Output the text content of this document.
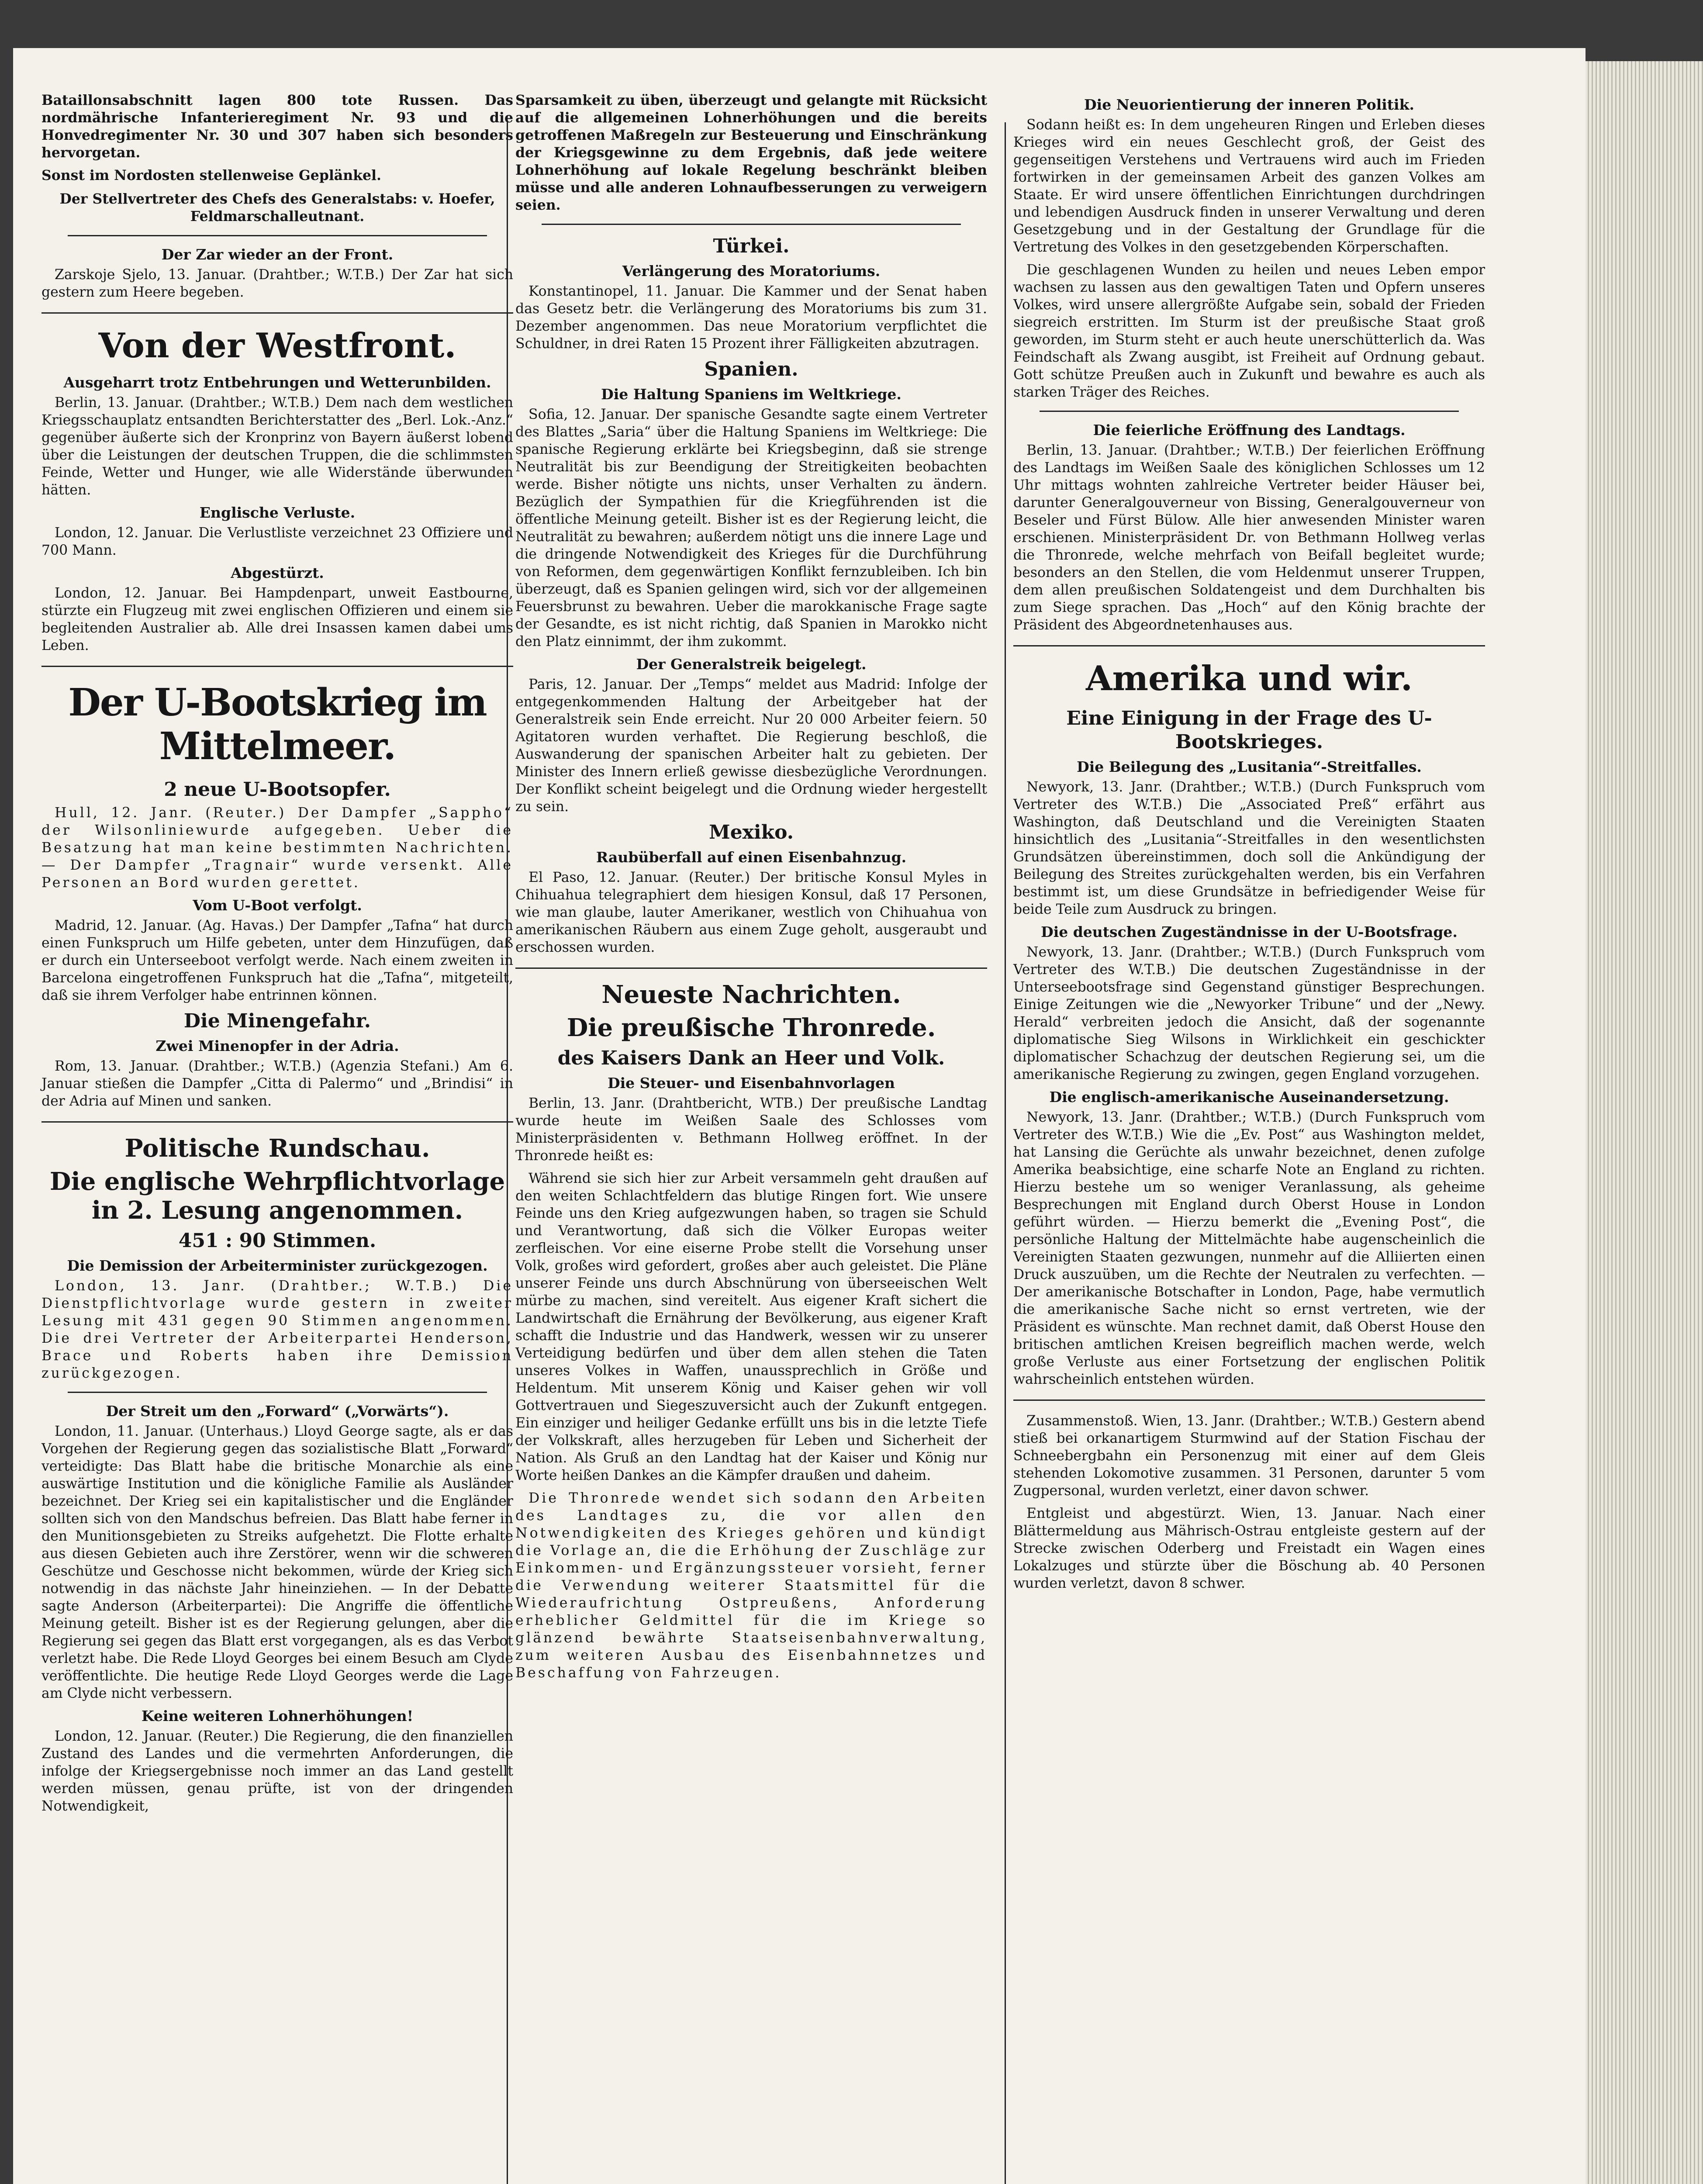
Bataillonsabschnitt lagen 800 tote Russen. Das nordmährische Infanterieregiment Nr. 93 und die Honvedregimenter Nr. 30 und 307 haben sich besonders hervorgetan.

Sonst im Nordosten stellenweise Geplänkel.

Der Stellvertreter des Chefs des Generalstabs: v. Hoefer, Feldmarschalleutnant.

Der Zar wieder an der Front.

Zarskoje Sjelo, 13. Januar. (Drahtber.; W.T.B.) Der Zar hat sich gestern zum Heere begeben.

Von der Westfront.
Ausgeharrt trotz Entbehrungen und Wetterunbilden.

Berlin, 13. Januar. (Drahtber.; W.T.B.) Dem nach dem westlichen Kriegsschauplatz entsandten Berichterstatter des „Berl. Lok.-Anz.“ gegenüber äußerte sich der Kronprinz von Bayern äußerst lobend über die Leistungen der deutschen Truppen, die die schlimmsten Feinde, Wetter und Hunger, wie alle Widerstände überwunden hätten.

Englische Verluste.

London, 12. Januar. Die Verlustliste verzeichnet 23 Offiziere und 700 Mann.

Abgestürzt.

London, 12. Januar. Bei Hampdenpart, unweit Eastbourne, stürzte ein Flugzeug mit zwei englischen Offizieren und einem sie begleitenden Australier ab. Alle drei Insassen kamen dabei ums Leben.

Der U-Bootskrieg im Mittelmeer.
2 neue U-Bootsopfer.

Hull, 12. Janr. (Reuter.) Der Dampfer „Sappho“ der Wilsonliniewurde aufgegeben. Ueber die Besatzung hat man keine bestimmten Nachrichten. — Der Dampfer „Tragnair“ wurde versenkt. Alle Personen an Bord wurden gerettet.

Vom U-Boot verfolgt.

Madrid, 12. Januar. (Ag. Havas.) Der Dampfer „Tafna“ hat durch einen Funkspruch um Hilfe gebeten, unter dem Hinzufügen, daß er durch ein Unterseeboot verfolgt werde. Nach einem zweiten in Barcelona eingetroffenen Funkspruch hat die „Tafna“, mitgeteilt, daß sie ihrem Verfolger habe entrinnen können.

Die Minengefahr.
Zwei Minenopfer in der Adria.

Rom, 13. Januar. (Drahtber.; W.T.B.) (Agenzia Stefani.) Am 6. Januar stießen die Dampfer „Citta di Palermo“ und „Brindisi“ in der Adria auf Minen und sanken.

Politische Rundschau.
Die englische Wehrpflichtvorlage in 2. Lesung angenommen.
451 : 90 Stimmen.
Die Demission der Arbeiterminister zurückgezogen.

London, 13. Janr. (Drahtber.; W.T.B.) Die Dienstpflichtvorlage wurde gestern in zweiter Lesung mit 431 gegen 90 Stimmen angenommen. Die drei Vertreter der Arbeiterpartei Henderson, Brace und Roberts haben ihre Demission zurückgezogen.

Der Streit um den „Forward“ („Vorwärts“).

London, 11. Januar. (Unterhaus.) Lloyd George sagte, als er das Vorgehen der Regierung gegen das sozialistische Blatt „Forward“ verteidigte: Das Blatt habe die britische Monarchie als eine auswärtige Institution und die königliche Familie als Ausländer bezeichnet. Der Krieg sei ein kapitalistischer und die Engländer sollten sich von den Mandschus befreien. Das Blatt habe ferner in den Munitionsgebieten zu Streiks aufgehetzt. Die Flotte erhalte aus diesen Gebieten auch ihre Zerstörer, wenn wir die schweren Geschütze und Geschosse nicht bekommen, würde der Krieg sich notwendig in das nächste Jahr hineinziehen. — In der Debatte sagte Anderson (Arbeiterpartei): Die Angriffe die öffentliche Meinung geteilt. Bisher ist es der Regierung gelungen, aber die Regierung sei gegen das Blatt erst vorgegangen, als es das Verbot verletzt habe. Die Rede Lloyd Georges bei einem Besuch am Clyde veröffentlichte. Die heutige Rede Lloyd Georges werde die Lage am Clyde nicht verbessern.

Keine weiteren Lohnerhöhungen!

London, 12. Januar. (Reuter.) Die Regierung, die den finanziellen Zustand des Landes und die vermehrten Anforderungen, die infolge der Kriegsergebnisse noch immer an das Land gestellt werden müssen, genau prüfte, ist von der dringenden Notwendigkeit,

Sparsamkeit zu üben, überzeugt und gelangte mit Rücksicht auf die allgemeinen Lohnerhöhungen und die bereits getroffenen Maßregeln zur Besteuerung und Einschränkung der Kriegsgewinne zu dem Ergebnis, daß jede weitere Lohnerhöhung auf lokale Regelung beschränkt bleiben müsse und alle anderen Lohnaufbesserungen zu verweigern seien.

Türkei.
Verlängerung des Moratoriums.

Konstantinopel, 11. Januar. Die Kammer und der Senat haben das Gesetz betr. die Verlängerung des Moratoriums bis zum 31. Dezember angenommen. Das neue Moratorium verpflichtet die Schuldner, in drei Raten 15 Prozent ihrer Fälligkeiten abzutragen.

Spanien.
Die Haltung Spaniens im Weltkriege.

Sofia, 12. Januar. Der spanische Gesandte sagte einem Vertreter des Blattes „Saria“ über die Haltung Spaniens im Weltkriege: Die spanische Regierung erklärte bei Kriegsbeginn, daß sie strenge Neutralität bis zur Beendigung der Streitigkeiten beobachten werde. Bisher nötigte uns nichts, unser Verhalten zu ändern. Bezüglich der Sympathien für die Kriegführenden ist die öffentliche Meinung geteilt. Bisher ist es der Regierung leicht, die Neutralität zu bewahren; außerdem nötigt uns die innere Lage und die dringende Notwendigkeit des Krieges für die Durchführung von Reformen, dem gegenwärtigen Konflikt fernzubleiben. Ich bin überzeugt, daß es Spanien gelingen wird, sich vor der allgemeinen Feuersbrunst zu bewahren. Ueber die marokkanische Frage sagte der Gesandte, es ist nicht richtig, daß Spanien in Marokko nicht den Platz einnimmt, der ihm zukommt.

Der Generalstreik beigelegt.

Paris, 12. Januar. Der „Temps“ meldet aus Madrid: Infolge der entgegenkommenden Haltung der Arbeitgeber hat der Generalstreik sein Ende erreicht. Nur 20 000 Arbeiter feiern. 50 Agitatoren wurden verhaftet. Die Regierung beschloß, die Auswanderung der spanischen Arbeiter halt zu gebieten. Der Minister des Innern erließ gewisse diesbezügliche Verordnungen. Der Konflikt scheint beigelegt und die Ordnung wieder hergestellt zu sein.

Mexiko.
Raubüberfall auf einen Eisenbahnzug.

El Paso, 12. Januar. (Reuter.) Der britische Konsul Myles in Chihuahua telegraphiert dem hiesigen Konsul, daß 17 Personen, wie man glaube, lauter Amerikaner, westlich von Chihuahua von amerikanischen Räubern aus einem Zuge geholt, ausgeraubt und erschossen wurden.

Neueste Nachrichten.
Die preußische Thronrede.
des Kaisers Dank an Heer und Volk.
Die Steuer- und Eisenbahnvorlagen

Berlin, 13. Janr. (Drahtbericht, WTB.) Der preußische Landtag wurde heute im Weißen Saale des Schlosses vom Ministerpräsidenten v. Bethmann Hollweg eröffnet. In der Thronrede heißt es:

Während sie sich hier zur Arbeit versammeln geht draußen auf den weiten Schlachtfeldern das blutige Ringen fort. Wie unsere Feinde uns den Krieg aufgezwungen haben, so tragen sie Schuld und Verantwortung, daß sich die Völker Europas weiter zerfleischen. Vor eine eiserne Probe stellt die Vorsehung unser Volk, großes wird gefordert, großes aber auch geleistet. Die Pläne unserer Feinde uns durch Abschnürung von überseeischen Welt mürbe zu machen, sind vereitelt. Aus eigener Kraft sichert die Landwirtschaft die Ernährung der Bevölkerung, aus eigener Kraft schafft die Industrie und das Handwerk, wessen wir zu unserer Verteidigung bedürfen und über dem allen stehen die Taten unseres Volkes in Waffen, unaussprechlich in Größe und Heldentum. Mit unserem König und Kaiser gehen wir voll Gottvertrauen und Siegeszuversicht auch der Zukunft entgegen. Ein einziger und heiliger Gedanke erfüllt uns bis in die letzte Tiefe der Volkskraft, alles herzugeben für Leben und Sicherheit der Nation. Als Gruß an den Landtag hat der Kaiser und König nur Worte heißen Dankes an die Kämpfer draußen und daheim.

Die Thronrede wendet sich sodann den Arbeiten des Landtages zu, die vor allen den Notwendigkeiten des Krieges gehören und kündigt die Vorlage an, die die Erhöhung der Zuschläge zur Einkommen- und Ergänzungssteuer vorsieht, ferner die Verwendung weiterer Staatsmittel für die Wiederaufrichtung Ostpreußens, Anforderung erheblicher Geldmittel für die im Kriege so glänzend bewährte Staatseisenbahnverwaltung, zum weiteren Ausbau des Eisenbahnnetzes und Beschaffung von Fahrzeugen.

Die Neuorientierung der inneren Politik.

Sodann heißt es: In dem ungeheuren Ringen und Erleben dieses Krieges wird ein neues Geschlecht groß, der Geist des gegenseitigen Verstehens und Vertrauens wird auch im Frieden fortwirken in der gemeinsamen Arbeit des ganzen Volkes am Staate. Er wird unsere öffentlichen Einrichtungen durchdringen und lebendigen Ausdruck finden in unserer Verwaltung und deren Gesetzgebung und in der Gestaltung der Grundlage für die Vertretung des Volkes in den gesetzgebenden Körperschaften.

Die geschlagenen Wunden zu heilen und neues Leben empor wachsen zu lassen aus den gewaltigen Taten und Opfern unseres Volkes, wird unsere allergrößte Aufgabe sein, sobald der Frieden siegreich erstritten. Im Sturm ist der preußische Staat groß geworden, im Sturm steht er auch heute unerschütterlich da. Was Feindschaft als Zwang ausgibt, ist Freiheit auf Ordnung gebaut. Gott schütze Preußen auch in Zukunft und bewahre es auch als starken Träger des Reiches.

Die feierliche Eröffnung des Landtags.

Berlin, 13. Januar. (Drahtber.; W.T.B.) Der feierlichen Eröffnung des Landtags im Weißen Saale des königlichen Schlosses um 12 Uhr mittags wohnten zahlreiche Vertreter beider Häuser bei, darunter Generalgouverneur von Bissing, Generalgouverneur von Beseler und Fürst Bülow. Alle hier anwesenden Minister waren erschienen. Ministerpräsident Dr. von Bethmann Hollweg verlas die Thronrede, welche mehrfach von Beifall begleitet wurde; besonders an den Stellen, die vom Heldenmut unserer Truppen, dem allen preußischen Soldatengeist und dem Durchhalten bis zum Siege sprachen. Das „Hoch“ auf den König brachte der Präsident des Abgeordnetenhauses aus.

Amerika und wir.
Eine Einigung in der Frage des U-Bootskrieges.
Die Beilegung des „Lusitania“-Streitfalles.

Newyork, 13. Janr. (Drahtber.; W.T.B.) (Durch Funkspruch vom Vertreter des W.T.B.) Die „Associated Preß“ erfährt aus Washington, daß Deutschland und die Vereinigten Staaten hinsichtlich des „Lusitania“-Streitfalles in den wesentlichsten Grundsätzen übereinstimmen, doch soll die Ankündigung der Beilegung des Streites zurückgehalten werden, bis ein Verfahren bestimmt ist, um diese Grundsätze in befriedigender Weise für beide Teile zum Ausdruck zu bringen.

Die deutschen Zugeständnisse in der U-Bootsfrage.

Newyork, 13. Janr. (Drahtber.; W.T.B.) (Durch Funkspruch vom Vertreter des W.T.B.) Die deutschen Zugeständnisse in der Unterseebootsfrage sind Gegenstand günstiger Besprechungen. Einige Zeitungen wie die „Newyorker Tribune“ und der „Newy. Herald“ verbreiten jedoch die Ansicht, daß der sogenannte diplomatische Sieg Wilsons in Wirklichkeit ein geschickter diplomatischer Schachzug der deutschen Regierung sei, um die amerikanische Regierung zu zwingen, gegen England vorzugehen.

Die englisch-amerikanische Auseinandersetzung.

Newyork, 13. Janr. (Drahtber.; W.T.B.) (Durch Funkspruch vom Vertreter des W.T.B.) Wie die „Ev. Post“ aus Washington meldet, hat Lansing die Gerüchte als unwahr bezeichnet, denen zufolge Amerika beabsichtige, eine scharfe Note an England zu richten. Hierzu bestehe um so weniger Veranlassung, als geheime Besprechungen mit England durch Oberst House in London geführt würden. — Hierzu bemerkt die „Evening Post“, die persönliche Haltung der Mittelmächte habe augenscheinlich die Vereinigten Staaten gezwungen, nunmehr auf die Alliierten einen Druck auszuüben, um die Rechte der Neutralen zu verfechten. — Der amerikanische Botschafter in London, Page, habe vermutlich die amerikanische Sache nicht so ernst vertreten, wie der Präsident es wünschte. Man rechnet damit, daß Oberst House den britischen amtlichen Kreisen begreiflich machen werde, welch große Verluste aus einer Fortsetzung der englischen Politik wahrscheinlich entstehen würden.

Zusammenstoß. Wien, 13. Janr. (Drahtber.; W.T.B.) Gestern abend stieß bei orkanartigem Sturmwind auf der Station Fischau der Schneebergbahn ein Personenzug mit einer auf dem Gleis stehenden Lokomotive zusammen. 31 Personen, darunter 5 vom Zugpersonal, wurden verletzt, einer davon schwer.

Entgleist und abgestürzt. Wien, 13. Januar. Nach einer Blättermeldung aus Mährisch-Ostrau entgleiste gestern auf der Strecke zwischen Oderberg und Freistadt ein Wagen eines Lokalzuges und stürzte über die Böschung ab. 40 Personen wurden verletzt, davon 8 schwer.
